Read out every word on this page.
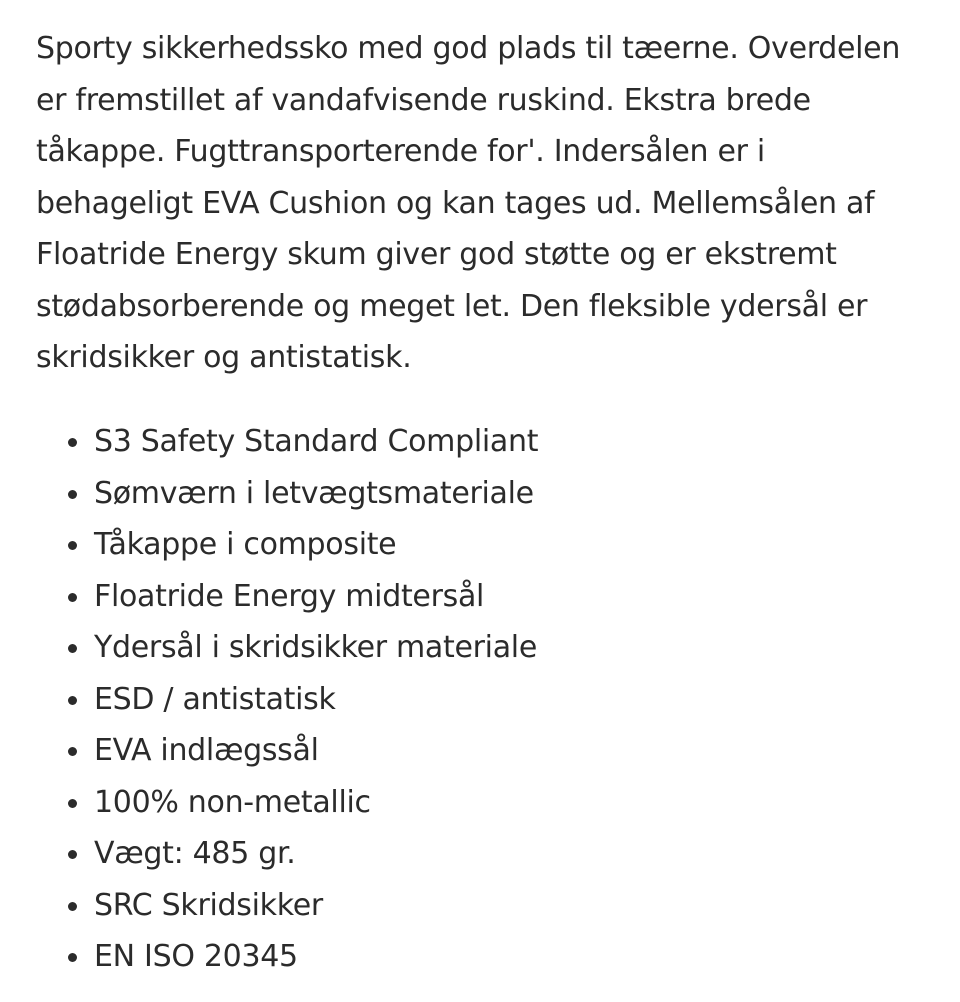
Sporty sikkerhedssko med god plads til tæerne. Overdelen er fremstillet af vandafvisende ruskind. Ekstra brede tåkappe. Fugttransporterende for'. Indersålen er i behageligt EVA Cushion og kan tages ud. Mellemsålen af Floatride Energy skum giver god støtte og er ekstremt stødabsorberende og meget let. Den fleksible ydersål er skridsikker og antistatisk.

S3 Safety Standard Compliant
Sømværn i letvægtsmateriale
Tåkappe i composite
Floatride Energy midtersål
Ydersål i skridsikker materiale
ESD / antistatisk
EVA indlægssål
100% non-metallic
Vægt: 485 gr.
SRC Skridsikker
EN ISO 20345
